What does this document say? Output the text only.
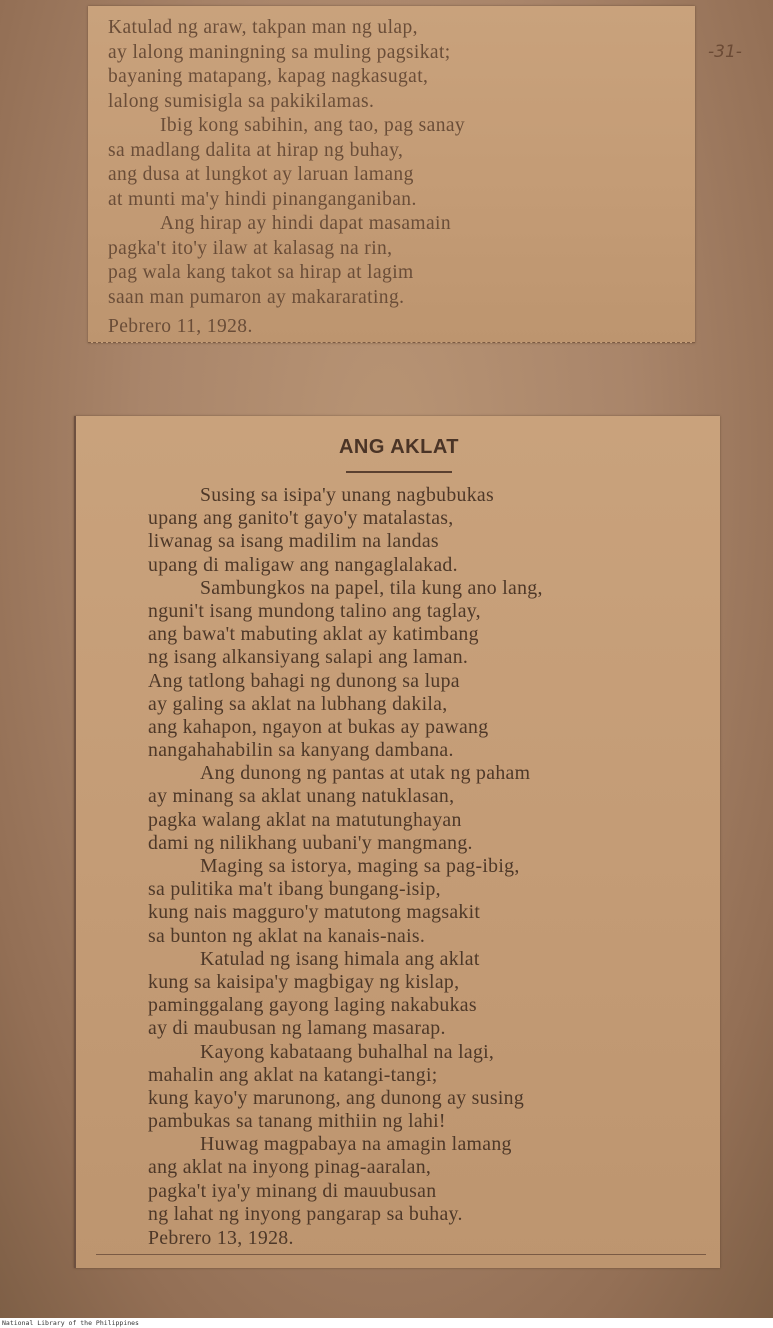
Katulad ng araw, takpan man ng ulap,
ay lalong maningning sa muling pagsikat;
bayaning matapang, kapag nagkasugat,
lalong sumisigla sa pakikilamas.
Ibig kong sabihin, ang tao, pag sanay
sa madlang dalita at hirap ng buhay,
ang dusa at lungkot ay laruan lamang
at munti ma'y hindi pinanganganiban.
Ang hirap ay hindi dapat masamain
pagka't ito'y ilaw at kalasag na rin,
pag wala kang takot sa hirap at lagim
saan man pumaron ay makararating.
Pebrero 11, 1928.
-31-
ANG AKLAT
Susing sa isipa'y unang nagbubukas
upang ang ganito't gayo'y matalastas,
liwanag sa isang madilim na landas
upang di maligaw ang nangaglalakad.
Sambungkos na papel, tila kung ano lang,
nguni't isang mundong talino ang taglay,
ang bawa't mabuting aklat ay katimbang
ng isang alkansiyang salapi ang laman.
Ang tatlong bahagi ng dunong sa lupa
ay galing sa aklat na lubhang dakila,
ang kahapon, ngayon at bukas ay pawang
nangahahabilin sa kanyang dambana.
Ang dunong ng pantas at utak ng paham
ay minang sa aklat unang natuklasan,
pagka walang aklat na matutunghayan
dami ng nilikhang uubani'y mangmang.
Maging sa istorya, maging sa pag-ibig,
sa pulitika ma't ibang bungang-isip,
kung nais magguro'y matutong magsakit
sa bunton ng aklat na kanais-nais.
Katulad ng isang himala ang aklat
kung sa kaisipa'y magbigay ng kislap,
paminggalang gayong laging nakabukas
ay di maubusan ng lamang masarap.
Kayong kabataang buhalhal na lagi,
mahalin ang aklat na katangi-tangi;
kung kayo'y marunong, ang dunong ay susing
pambukas sa tanang mithiin ng lahi!
Huwag magpabaya na amagin lamang
ang aklat na inyong pinag-aaralan,
pagka't iya'y minang di mauubusan
ng lahat ng inyong pangarap sa buhay.
Pebrero 13, 1928.
National Library of the Philippines
